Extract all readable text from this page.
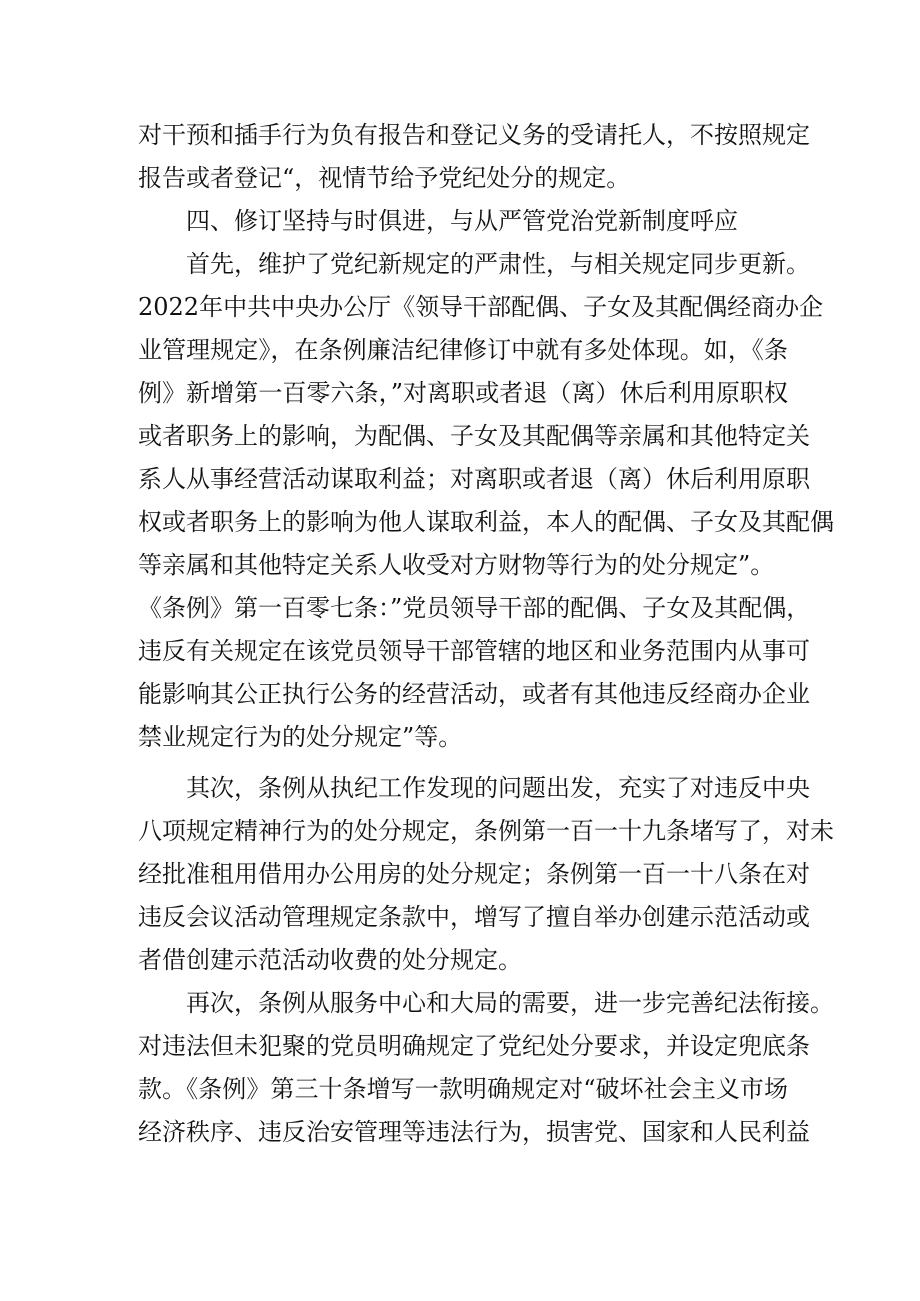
对干预和插手行为负有报告和登记义务的受请托人，不按照规定
报告或者登记“，视情节给予党纪处分的规定。
四、修订坚持与时俱进，与从严管党治党新制度呼应
首先，维护了党纪新规定的严肃性，与相关规定同步更新。
2022年中共中央办公厅《领导干部配偶、子女及其配偶经商办企
业管理规定》，在条例廉洁纪律修订中就有多处体现。如，《条
例》新增第一百零六条，”对离职或者退（离）休后利用原职权
或者职务上的影响，为配偶、子女及其配偶等亲属和其他特定关
系人从事经营活动谋取利益；对离职或者退（离）休后利用原职
权或者职务上的影响为他人谋取利益，本人的配偶、子女及其配偶
等亲属和其他特定关系人收受对方财物等行为的处分规定”。
《条例》第一百零七条：”党员领导干部的配偶、子女及其配偶，
违反有关规定在该党员领导干部管辖的地区和业务范围内从事可
能影响其公正执行公务的经营活动，或者有其他违反经商办企业
禁业规定行为的处分规定”等。
其次，条例从执纪工作发现的问题出发，充实了对违反中央
八项规定精神行为的处分规定，条例第一百一十九条堵写了，对未
经批准租用借用办公用房的处分规定；条例第一百一十八条在对
违反会议活动管理规定条款中，增写了擅自举办创建示范活动或
者借创建示范活动收费的处分规定。
再次，条例从服务中心和大局的需要，进一步完善纪法衔接。
对违法但未犯聚的党员明确规定了党纪处分要求，并设定兜底条
款。《条例》第三十条增写一款明确规定对“破坏社会主义市场
经济秩序、违反治安管理等违法行为，损害党、国家和人民利益
